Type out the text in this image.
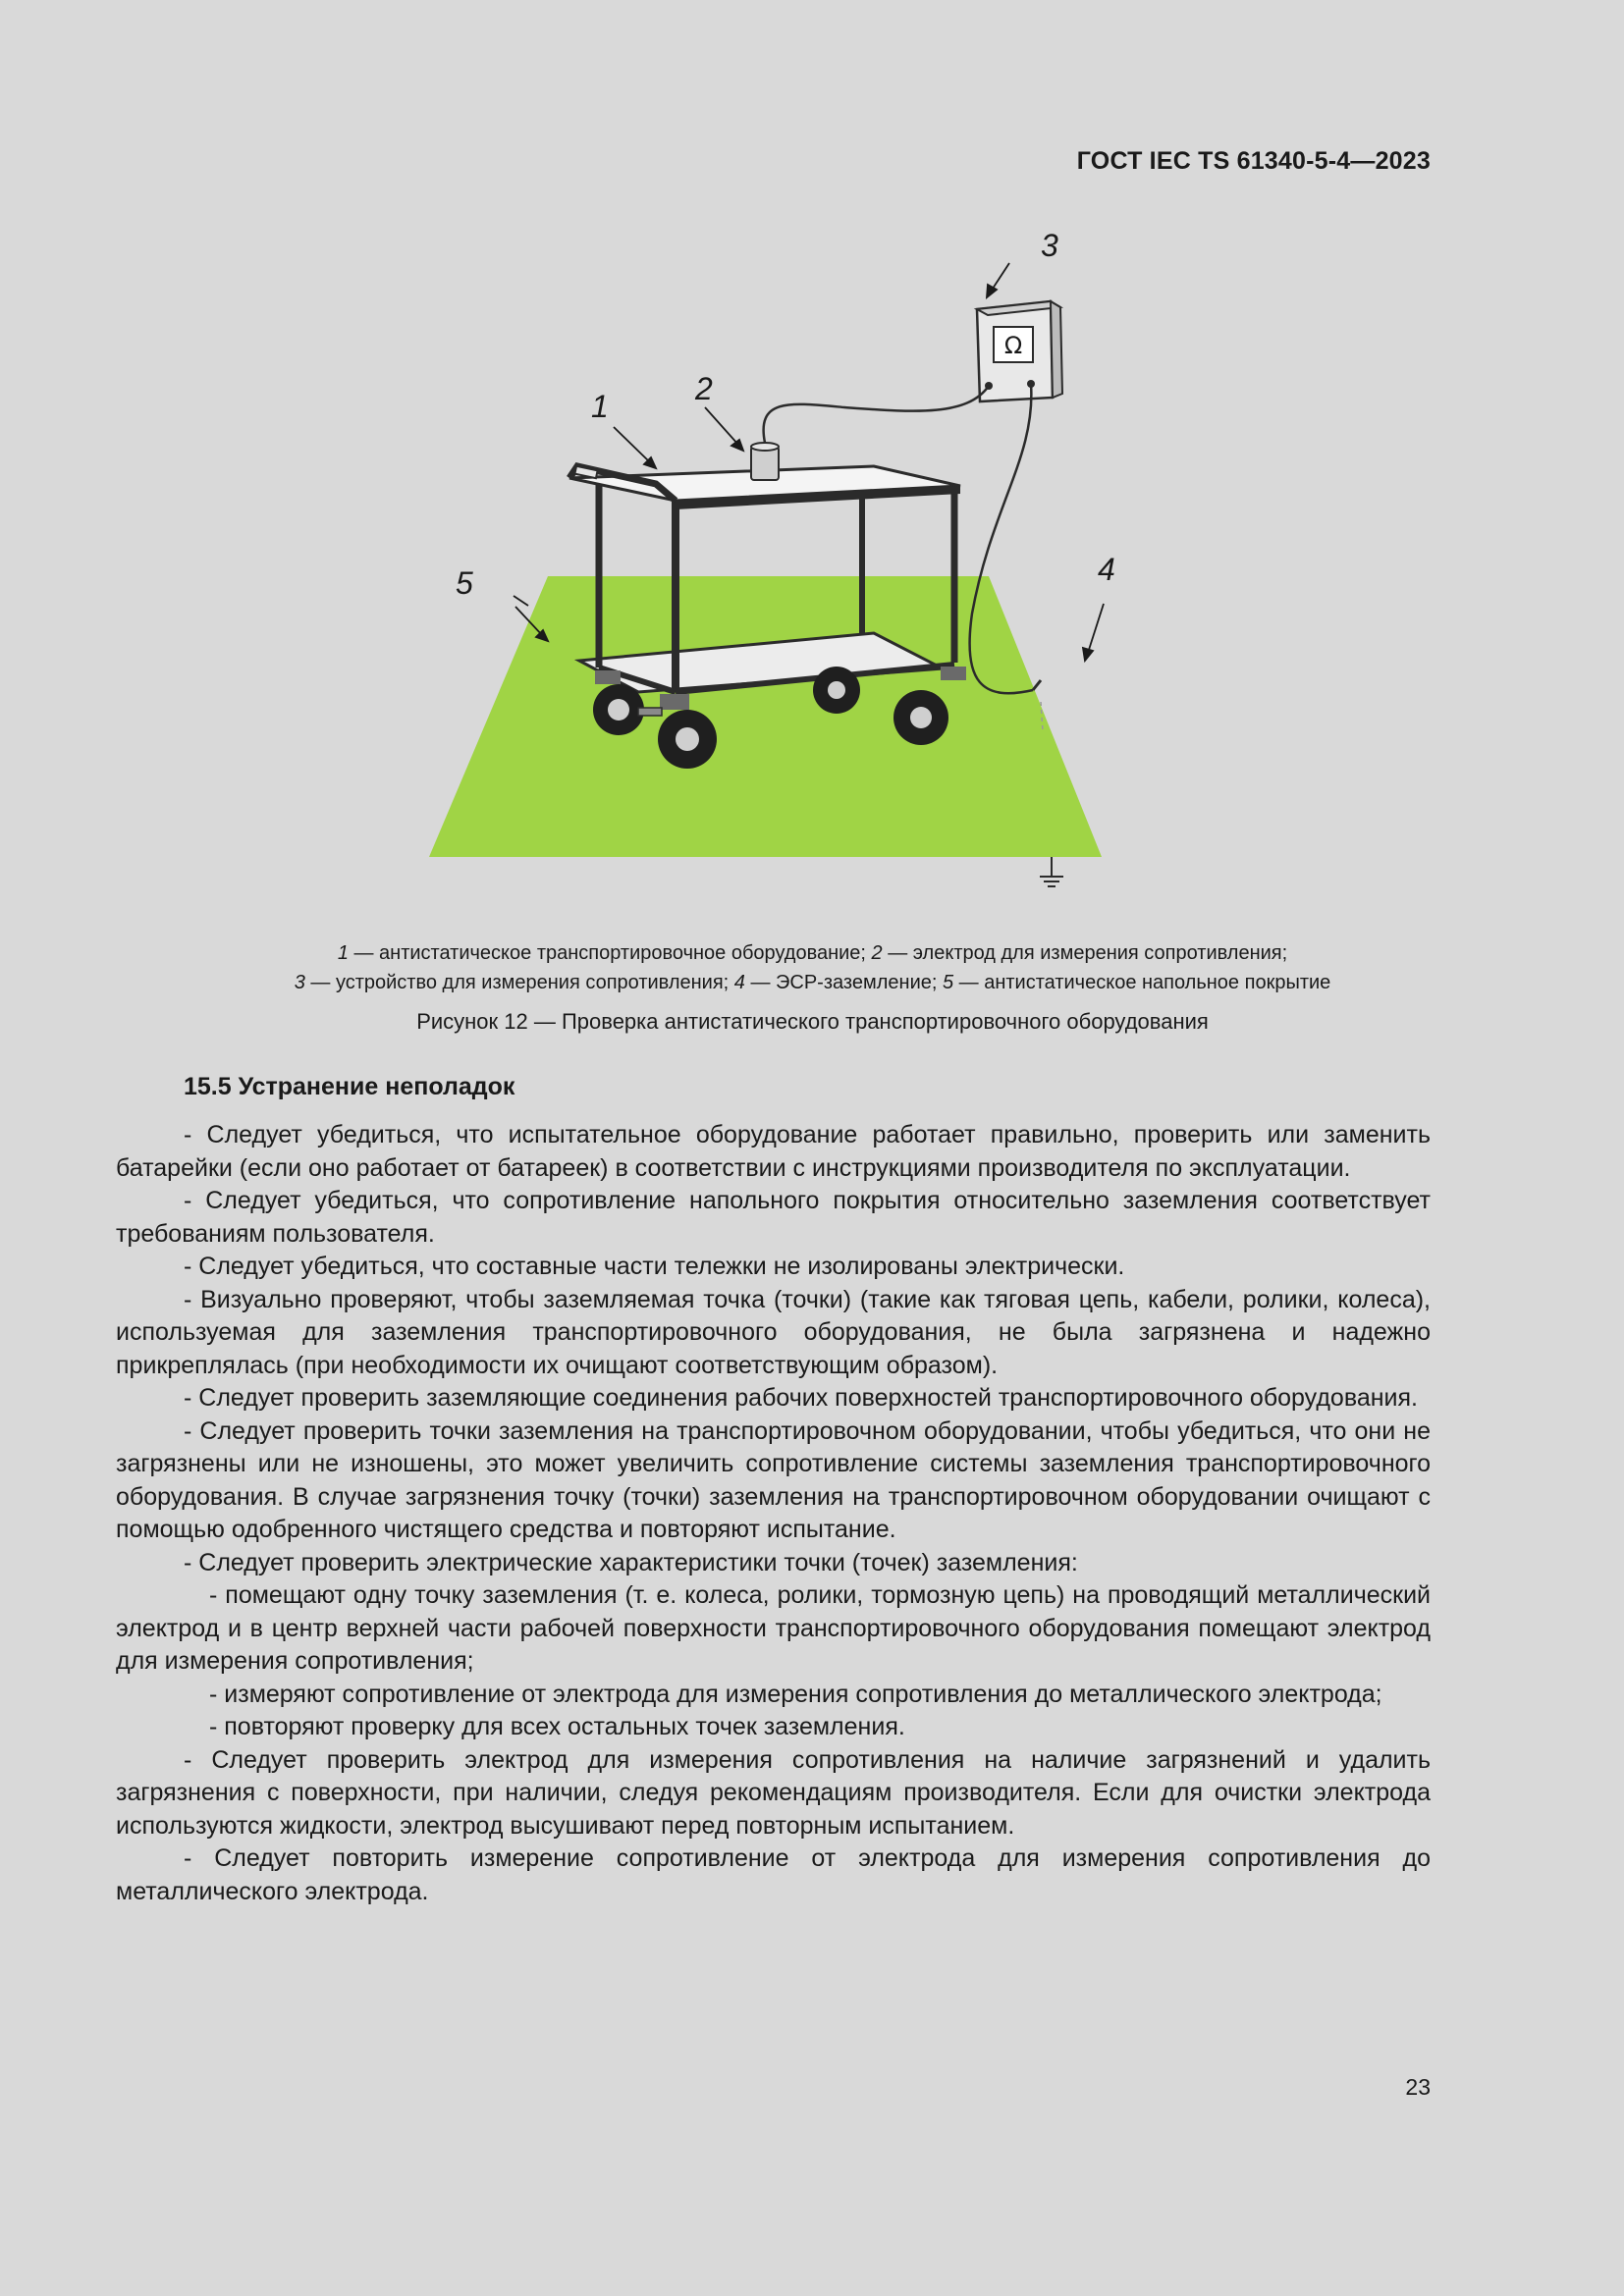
ГОСТ IEC TS 61340-5-4—2023
Ω
1	2
3
4
5
1 — антистатическое транспортировочное оборудование; 2 — электрод для измерения сопротивления;
3 — устройство для измерения сопротивления; 4 — ЭСР-заземление; 5 — антистатическое напольное покрытие
Рисунок 12 — Проверка антистатического транспортировочного оборудования
15.5 Устранение неполадок

- Следует убедиться, что испытательное оборудование работает правильно, проверить или заменить батарейки (если оно работает от батареек) в соответствии с инструкциями производителя по эксплуатации.

- Следует убедиться, что сопротивление напольного покрытия относительно заземления соответствует требованиям пользователя.

- Следует убедиться, что составные части тележки не изолированы электрически.

- Визуально проверяют, чтобы заземляемая точка (точки) (такие как тяговая цепь, кабели, ролики, колеса), используемая для заземления транспортировочного оборудования, не была загрязнена и надежно прикреплялась (при необходимости их очищают соответствующим образом).

- Следует проверить заземляющие соединения рабочих поверхностей транспортировочного оборудования.

- Следует проверить точки заземления на транспортировочном оборудовании, чтобы убедиться, что они не загрязнены или не изношены, это может увеличить сопротивление системы заземления транспортировочного оборудования. В случае загрязнения точку (точки) заземления на транспортировочном оборудовании очищают с помощью одобренного чистящего средства и повторяют испытание.

- Следует проверить электрические характеристики точки (точек) заземления:

- помещают одну точку заземления (т. е. колеса, ролики, тормозную цепь) на проводящий металлический электрод и в центр верхней части рабочей поверхности транспортировочного оборудования помещают электрод для измерения сопротивления;

- измеряют сопротивление от электрода для измерения сопротивления до металлического электрода;

- повторяют проверку для всех остальных точек заземления.

- Следует проверить электрод для измерения сопротивления на наличие загрязнений и удалить загрязнения с поверхности, при наличии, следуя рекомендациям производителя. Если для очистки электрода используются жидкости, электрод высушивают перед повторным испытанием.

- Следует повторить измерение сопротивление от электрода для измерения сопротивления до металлического электрода.

23
